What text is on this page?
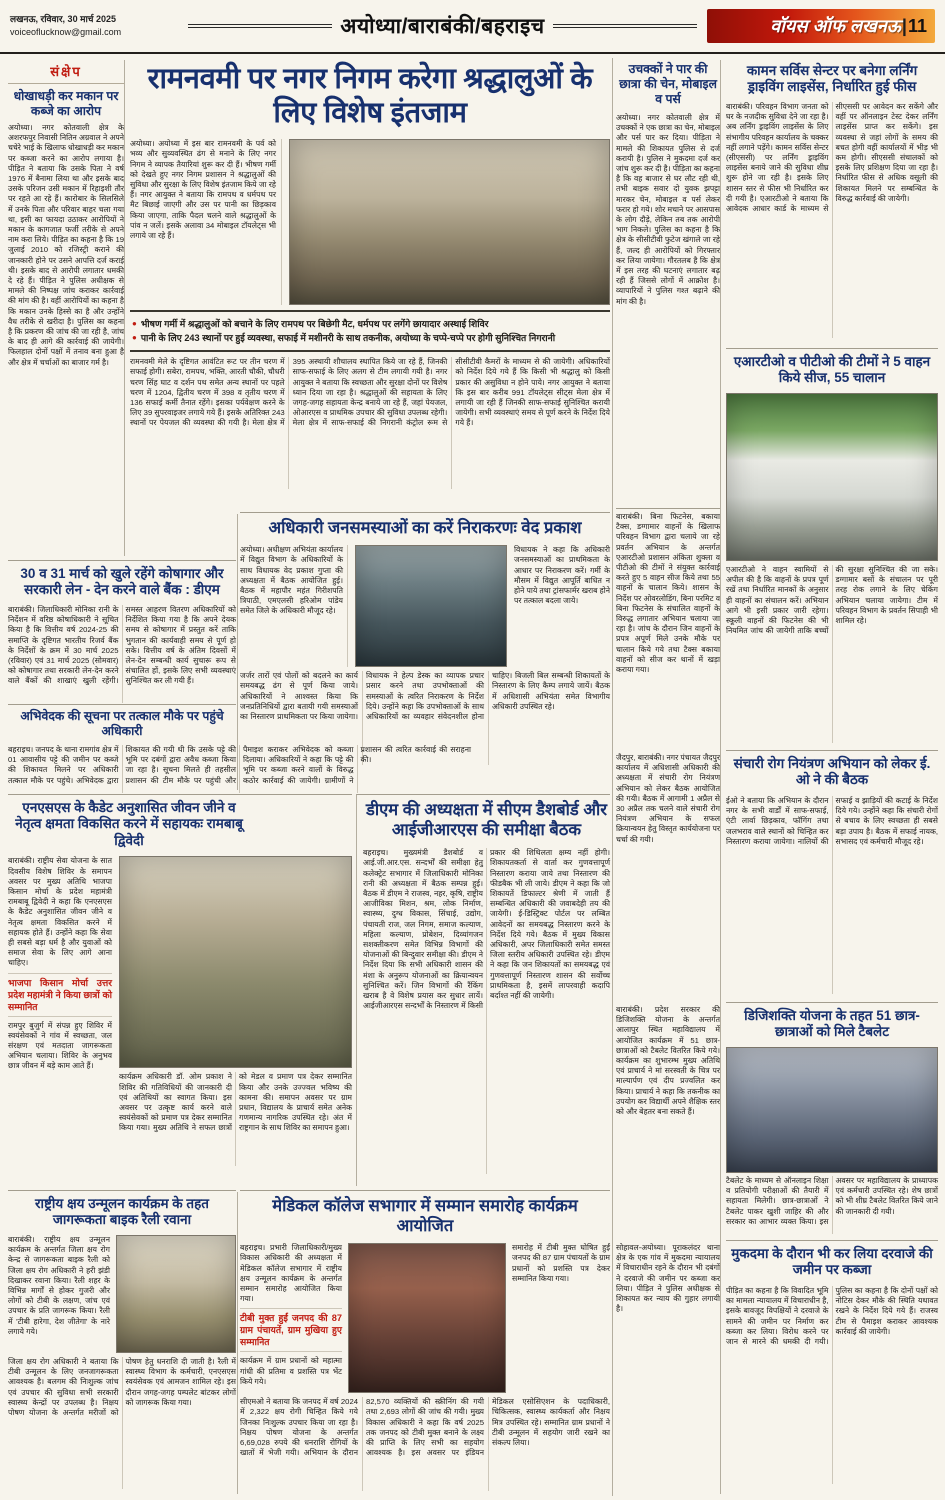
लखनऊ, रविवार, 30 मार्च 2025
voiceoflucknow@gmail.com	अयोध्या/बाराबंकी/बहराइच	वॉयस ऑफ लखनऊ | 11
संक्षेप
धोखाधड़ी कर मकान पर कब्जे का आरोप
अयोध्या। नगर कोतवाली क्षेत्र के अशरफपुर निवासी नितिन अग्रवाल ने अपने चचेरे भाई के खिलाफ धोखाधड़ी कर मकान पर कब्जा करने का आरोप लगाया है। पीड़ित ने बताया कि उसके पिता ने वर्ष 1976 में बैनामा लिया था और इसके बाद उसके परिजन उसी मकान में रिहाइशी तौर पर रहते आ रहे हैं। कारोबार के सिलसिले में उनके पिता और परिवार बाहर चला गया था, इसी का फायदा उठाकर आरोपियों ने मकान के कागजात फर्जी तरीके से अपने नाम करा लिये। पीड़ित का कहना है कि 19 जुलाई 2010 को रजिस्ट्री कराने की जानकारी होने पर उसने आपत्ति दर्ज कराई थी। इसके बाद से आरोपी लगातार धमकी दे रहे हैं। पीड़ित ने पुलिस अधीक्षक से मामले की निष्पक्ष जांच कराकर कार्रवाई की मांग की है। वहीं आरोपियों का कहना है कि मकान उनके हिस्से का है और उन्होंने वैध तरीके से खरीदा है। पुलिस का कहना है कि प्रकरण की जांच की जा रही है, जांच के बाद ही आगे की कार्रवाई की जायेगी। फिलहाल दोनों पक्षों में तनाव बना हुआ है और क्षेत्र में चर्चाओं का बाजार गर्म है।
रामनवमी पर नगर निगम करेगा श्रद्धालुओं के लिए विशेष इंतजाम
अयोध्या। अयोध्या में इस बार रामनवमी के पर्व को भव्य और सुव्यवस्थित ढंग से मनाने के लिए नगर निगम ने व्यापक तैयारियां शुरू कर दी हैं। भीषण गर्मी को देखते हुए नगर निगम प्रशासन ने श्रद्धालुओं की सुविधा और सुरक्षा के लिए विशेष इंतजाम किये जा रहे हैं। नगर आयुक्त ने बताया कि रामपथ व धर्मपथ पर मैट बिछाई जाएगी और उस पर पानी का छिड़काव किया जाएगा, ताकि पैदल चलने वाले श्रद्धालुओं के पांव न जलें। इसके अलावा 34 मोबाइल टॉयलेट्स भी लगाये जा रहे हैं।
● भीषण गर्मी में श्रद्धालुओं को बचाने के लिए रामपथ पर बिछेगी मैट, धर्मपथ पर लगेंगे छायादार अस्थाई शिविर
● पानी के लिए 243 स्थानों पर हुई व्यवस्था, सफाई में मशीनरी के साथ तकनीक, अयोध्या के चप्पे-चप्पे पर होगी सुनिश्चित निगरानी
रामनवमी मेले के दृष्टिगत आवंटित रूट पर तीन चरण में सफाई होगी। सबेरा, रामपथ, भक्ति, आरती चौकी, चौधरी चरण सिंह घाट व दर्शन पथ समेत अन्य स्थानों पर पहले चरण में 1204, द्वितीय चरण में 398 व तृतीय चरण में 136 सफाई कर्मी तैनात रहेंगे। इसका पर्यवेक्षण करने के लिए 39 सुपरवाइजर लगाये गये हैं। इसके अतिरिक्त 243 स्थानों पर पेयजल की व्यवस्था की गयी है। मेला क्षेत्र में 395 अस्थायी शौचालय स्थापित किये जा रहे हैं, जिनकी साफ-सफाई के लिए अलग से टीम लगायी गयी है। नगर आयुक्त ने बताया कि स्वच्छता और सुरक्षा दोनों पर विशेष ध्यान दिया जा रहा है। श्रद्धालुओं की सहायता के लिए जगह-जगह सहायता केन्द्र बनाये जा रहे हैं, जहां पेयजल, ओआरएस व प्राथमिक उपचार की सुविधा उपलब्ध रहेगी। मेला क्षेत्र में साफ-सफाई की निगरानी कंट्रोल रूम से सीसीटीवी कैमरों के माध्यम से की जायेगी। अधिकारियों को निर्देश दिये गये हैं कि किसी भी श्रद्धालु को किसी प्रकार की असुविधा न होने पाये। नगर आयुक्त ने बताया कि इस बार करीब 991 टॉयलेट्स सीट्स मेला क्षेत्र में लगायी जा रही हैं जिनकी साफ-सफाई सुनिश्चित करायी जायेगी। सभी व्यवस्थाएं समय से पूर्ण करने के निर्देश दिये गये हैं।
अधिकारी जनसमस्याओं का करें निराकरणः वेद प्रकाश
अयोध्या। अधीक्षण अभियंता कार्यालय में विद्युत विभाग के अधिकारियों के साथ विधायक वेद प्रकाश गुप्ता की अध्यक्षता में बैठक आयोजित हुई। बैठक में महापौर महंत गिरीशपति त्रिपाठी, एमएलसी हरिओम पांडेय समेत जिले के अधिकारी मौजूद रहे।
विधायक ने कहा कि अधिकारी जनसमस्याओं का प्राथमिकता के आधार पर निराकरण करें। गर्मी के मौसम में विद्युत आपूर्ति बाधित न होने पाये तथा ट्रांसफार्मर खराब होने पर तत्काल बदला जाये।
जर्जर तारों एवं पोलों को बदलने का कार्य समयबद्ध ढंग से पूर्ण किया जाये। अधिकारियों ने आश्वस्त किया कि जनप्रतिनिधियों द्वारा बतायी गयी समस्याओं का निस्तारण प्राथमिकता पर किया जायेगा। विधायक ने हेल्प डेस्क का व्यापक प्रचार प्रसार करने तथा उपभोक्ताओं की समस्याओं के त्वरित निराकरण के निर्देश दिये। उन्होंने कहा कि उपभोक्ताओं के साथ अधिकारियों का व्यवहार संवेदनशील होना चाहिए। बिजली बिल सम्बन्धी शिकायतों के निस्तारण के लिए कैम्प लगाये जायें। बैठक में अधिशासी अभियंता समेत विभागीय अधिकारी उपस्थित रहे।
30 व 31 मार्च को खुले रहेंगे कोषागार और सरकारी लेन - देन करने वाले बैंक : डीएम
बाराबंकी। जिलाधिकारी मोनिका रानी के निर्देशन में वरिष्ठ कोषाधिकारी ने सूचित किया है कि वित्तीय वर्ष 2024-25 की समाप्ति के दृष्टिगत भारतीय रिजर्व बैंक के निर्देशों के क्रम में 30 मार्च 2025 (रविवार) एवं 31 मार्च 2025 (सोमवार) को कोषागार तथा सरकारी लेन-देन करने वाले बैंकों की शाखाएं खुली रहेंगी। समस्त आहरण वितरण अधिकारियों को निर्देशित किया गया है कि अपने देयक समय से कोषागार में प्रस्तुत करें ताकि भुगतान की कार्यवाही समय से पूर्ण हो सके। वित्तीय वर्ष के अंतिम दिवसों में लेन-देन सम्बन्धी कार्य सुचारू रूप से संचालित हों, इसके लिए सभी व्यवस्थाएं सुनिश्चित कर ली गयी हैं।
अभिवेदक की सूचना पर तत्काल मौके पर पहुंचे अधिकारी
बहराइच। जनपद के थाना रामगांव क्षेत्र में 01 आवासीय पट्टे की जमीन पर कब्जे की शिकायत मिलने पर अधिकारी तत्काल मौके पर पहुंचे। अभिवेदक द्वारा शिकायत की गयी थी कि उसके पट्टे की भूमि पर दबंगों द्वारा अवैध कब्जा किया जा रहा है। सूचना मिलते ही तहसील प्रशासन की टीम मौके पर पहुंची और पैमाइश कराकर अभिवेदक को कब्जा दिलाया। अधिकारियों ने कहा कि पट्टे की भूमि पर कब्जा करने वालों के विरुद्ध कठोर कार्रवाई की जायेगी। ग्रामीणों ने प्रशासन की त्वरित कार्रवाई की सराहना की।
एनएसएस के कैडेट अनुशासित जीवन जीने व नेतृत्व क्षमता विकसित करने में सहायकः रामबाबू द्विवेदी
बाराबंकी। राष्ट्रीय सेवा योजना के सात दिवसीय विशेष शिविर के समापन अवसर पर मुख्य अतिथि भाजपा किसान मोर्चा के प्रदेश महामंत्री रामबाबू द्विवेदी ने कहा कि एनएसएस के कैडेट अनुशासित जीवन जीने व नेतृत्व क्षमता विकसित करने में सहायक होते हैं। उन्होंने कहा कि सेवा ही सबसे बड़ा धर्म है और युवाओं को समाज सेवा के लिए आगे आना चाहिए।
भाजपा किसान मोर्चा उत्तर प्रदेश महामंत्री ने किया छात्रों को सम्मानित
रामपुर बुजुर्ग में संपन्न हुए शिविर में स्वयंसेवकों ने गांव में स्वच्छता, जल संरक्षण एवं मतदाता जागरूकता अभियान चलाया। शिविर के अनुभव छात्र जीवन में बड़े काम आते हैं।
कार्यक्रम अधिकारी डॉ. ओम प्रकाश ने शिविर की गतिविधियों की जानकारी दी एवं अतिथियों का स्वागत किया। इस अवसर पर उत्कृष्ट कार्य करने वाले स्वयंसेवकों को प्रमाण पत्र देकर सम्मानित किया गया। मुख्य अतिथि ने सफल छात्रों को मेडल व प्रमाण पत्र देकर सम्मानित किया और उनके उज्ज्वल भविष्य की कामना की। समापन अवसर पर ग्राम प्रधान, विद्यालय के प्राचार्य समेत अनेक गणमान्य नागरिक उपस्थित रहे। अंत में राष्ट्रगान के साथ शिविर का समापन हुआ।
डीएम की अध्यक्षता में सीएम डैशबोर्ड और आईजीआरएस की समीक्षा बैठक
बहराइच। मुख्यमंत्री डैशबोर्ड व आई.जी.आर.एस. सन्दर्भों की समीक्षा हेतु कलेक्ट्रेट सभागार में जिलाधिकारी मोनिका रानी की अध्यक्षता में बैठक सम्पन्न हुई। बैठक में डीएम ने राजस्व, नहर, कृषि, राष्ट्रीय आजीविका मिशन, श्रम, लोक निर्माण, स्वास्थ्य, दुग्ध विकास, सिंचाई, उद्योग, पंचायती राज, जल निगम, समाज कल्याण, महिला कल्याण, प्रोबेशन, दिव्यांगजन सशक्तीकरण समेत विभिन्न विभागों की योजनाओं की बिन्दुवार समीक्षा की। डीएम ने निर्देश दिया कि सभी अधिकारी शासन की मंशा के अनुरूप योजनाओं का क्रियान्वयन सुनिश्चित करें। जिन विभागों की रैंकिंग खराब है वे विशेष प्रयास कर सुधार लायें। आईजीआरएस सन्दर्भों के निस्तारण में किसी प्रकार की शिथिलता क्षम्य नहीं होगी। शिकायतकर्ता से वार्ता कर गुणवत्तापूर्ण निस्तारण कराया जाये तथा निस्तारण की फीडबैक भी ली जाये। डीएम ने कहा कि जो शिकायतें डिफाल्टर श्रेणी में जाती हैं सम्बन्धित अधिकारी की जवाबदेही तय की जायेगी। ई-डिस्ट्रिक्ट पोर्टल पर लम्बित आवेदनों का समयबद्ध निस्तारण करने के निर्देश दिये गये। बैठक में मुख्य विकास अधिकारी, अपर जिलाधिकारी समेत समस्त जिला स्तरीय अधिकारी उपस्थित रहे। डीएम ने कहा कि जन शिकायतों का समयबद्ध एवं गुणवत्तापूर्ण निस्तारण शासन की सर्वोच्च प्राथमिकता है, इसमें लापरवाही कदापि बर्दाश्त नहीं की जायेगी।
राष्ट्रीय क्षय उन्मूलन कार्यक्रम के तहत जागरूकता बाइक रैली रवाना
बाराबंकी। राष्ट्रीय क्षय उन्मूलन कार्यक्रम के अन्तर्गत जिला क्षय रोग केन्द्र से जागरूकता बाइक रैली को जिला क्षय रोग अधिकारी ने हरी झंडी दिखाकर रवाना किया। रैली शहर के विभिन्न मार्गों से होकर गुजरी और लोगों को टीबी के लक्षण, जांच एवं उपचार के प्रति जागरूक किया। रैली में 'टीबी हारेगा, देश जीतेगा' के नारे लगाये गये।
जिला क्षय रोग अधिकारी ने बताया कि टीबी उन्मूलन के लिए जनजागरूकता आवश्यक है। बलगम की निःशुल्क जांच एवं उपचार की सुविधा सभी सरकारी स्वास्थ्य केन्द्रों पर उपलब्ध है। निक्षय पोषण योजना के अन्तर्गत मरीजों को पोषण हेतु धनराशि दी जाती है। रैली में स्वास्थ्य विभाग के कर्मचारी, एनएसएस स्वयंसेवक एवं आमजन शामिल रहे। इस दौरान जगह-जगह पम्पलेट बांटकर लोगों को जागरूक किया गया।
मेडिकल कॉलेज सभागार में सम्मान समारोह कार्यक्रम आयोजित
बहराइच। प्रभारी जिलाधिकारी/मुख्य विकास अधिकारी की अध्यक्षता में मेडिकल कॉलेज सभागार में राष्ट्रीय क्षय उन्मूलन कार्यक्रम के अन्तर्गत सम्मान समारोह आयोजित किया गया।
टीबी मुक्त हुईं जनपद की 87 ग्राम पंचायतें, ग्राम मुखिया हुए सम्मानित
कार्यक्रम में ग्राम प्रधानों को महात्मा गांधी की प्रतिमा व प्रशस्ति पत्र भेंट किये गये।
समारोह में टीबी मुक्त घोषित हुईं जनपद की 87 ग्राम पंचायतों के ग्राम प्रधानों को प्रशस्ति पत्र देकर सम्मानित किया गया।
सीएमओ ने बताया कि जनपद में वर्ष 2024 में 2,322 क्षय रोगी चिन्हित किये गये जिनका निःशुल्क उपचार किया जा रहा है। निक्षय पोषण योजना के अन्तर्गत 6,69,028 रुपये की धनराशि रोगियों के खातों में भेजी गयी। अभियान के दौरान 82,570 व्यक्तियों की स्क्रीनिंग की गयी तथा 2,693 लोगों की जांच की गयी। मुख्य विकास अधिकारी ने कहा कि वर्ष 2025 तक जनपद को टीबी मुक्त बनाने के लक्ष्य की प्राप्ति के लिए सभी का सहयोग आवश्यक है। इस अवसर पर इंडियन मेडिकल एसोसिएशन के पदाधिकारी, चिकित्सक, स्वास्थ्य कार्यकर्ता और निक्षय मित्र उपस्थित रहे। सम्मानित ग्राम प्रधानों ने टीबी उन्मूलन में सहयोग जारी रखने का संकल्प लिया।
उचक्कों ने पार की छात्रा की चेन, मोबाइल व पर्स
अयोध्या। नगर कोतवाली क्षेत्र में उचक्कों ने एक छात्रा का चेन, मोबाइल और पर्स पार कर दिया। पीड़िता ने मामले की शिकायत पुलिस से दर्ज करायी है। पुलिस ने मुकदमा दर्ज कर जांच शुरू कर दी है। पीड़िता का कहना है कि वह बाजार से घर लौट रही थी, तभी बाइक सवार दो युवक झपट्टा मारकर चेन, मोबाइल व पर्स लेकर फरार हो गये। शोर मचाने पर आसपास के लोग दौड़े, लेकिन तब तक आरोपी भाग निकले। पुलिस का कहना है कि क्षेत्र के सीसीटीवी फुटेज खंगाले जा रहे हैं, जल्द ही आरोपियों को गिरफ्तार कर लिया जायेगा। गौरतलब है कि क्षेत्र में इस तरह की घटनाएं लगातार बढ़ रही हैं जिससे लोगों में आक्रोश है। व्यापारियों ने पुलिस गश्त बढ़ाने की मांग की है।
कामन सर्विस सेन्टर पर बनेगा लर्निंग ड्राइविंग लाइसेंस, निर्धारित हुई फीस
बाराबंकी। परिवहन विभाग जनता को घर के नजदीक सुविधा देने जा रहा है। अब लर्निंग ड्राइविंग लाइसेंस के लिए संभागीय परिवहन कार्यालय के चक्कर नहीं लगाने पड़ेंगे। कामन सर्विस सेन्टर (सीएससी) पर लर्निंग ड्राइविंग लाइसेंस बनाये जाने की सुविधा शीघ्र शुरू होने जा रही है। इसके लिए शासन स्तर से फीस भी निर्धारित कर दी गयी है। एआरटीओ ने बताया कि आवेदक आधार कार्ड के माध्यम से सीएससी पर आवेदन कर सकेंगे और वहीं पर ऑनलाइन टेस्ट देकर लर्निंग लाइसेंस प्राप्त कर सकेंगे। इस व्यवस्था से जहां लोगों के समय की बचत होगी वहीं कार्यालयों में भीड़ भी कम होगी। सीएससी संचालकों को इसके लिए प्रशिक्षण दिया जा रहा है। निर्धारित फीस से अधिक वसूली की शिकायत मिलने पर सम्बन्धित के विरुद्ध कार्रवाई की जायेगी।
एआरटीओ व पीटीओ की टीमों ने 5 वाहन किये सीज, 55 चालान
एआरटीओ ने वाहन स्वामियों से अपील की है कि वाहनों के प्रपत्र पूर्ण रखें तथा निर्धारित मानकों के अनुसार ही वाहनों का संचालन करें। अभियान आगे भी इसी प्रकार जारी रहेगा। स्कूली वाहनों की फिटनेस की भी नियमित जांच की जायेगी ताकि बच्चों की सुरक्षा सुनिश्चित की जा सके। डग्गामार बसों के संचालन पर पूरी तरह रोक लगाने के लिए चेकिंग अभियान चलाया जायेगा। टीम में परिवहन विभाग के प्रवर्तन सिपाही भी शामिल रहे।
बाराबंकी। बिना फिटनेस, बकाया टैक्स, डग्गामार वाहनों के खिलाफ परिवहन विभाग द्वारा चलाये जा रहे प्रवर्तन अभियान के अन्तर्गत एआरटीओ प्रशासन अंकिता शुक्ला व पीटीओ की टीमों ने संयुक्त कार्रवाई करते हुए 5 वाहन सीज किये तथा 55 वाहनों के चालान किये। शासन के निर्देश पर ओवरलोडिंग, बिना परमिट व बिना फिटनेस के संचालित वाहनों के विरुद्ध लगातार अभियान चलाया जा रहा है। जांच के दौरान जिन वाहनों के प्रपत्र अपूर्ण मिले उनके मौके पर चालान किये गये तथा टैक्स बकाया वाहनों को सीज कर थानों में खड़ा कराया गया।
संचारी रोग नियंत्रण अभियान को लेकर ई. ओ ने की बैठक
ईओ ने बताया कि अभियान के दौरान नगर के सभी वार्डों में साफ-सफाई, एंटी लार्वा छिड़काव, फॉगिंग तथा जलभराव वाले स्थानों को चिन्हित कर निस्तारण कराया जायेगा। नालियों की सफाई व झाड़ियों की कटाई के निर्देश दिये गये। उन्होंने कहा कि संचारी रोगों से बचाव के लिए स्वच्छता ही सबसे बड़ा उपाय है। बैठक में सफाई नायक, सभासद एवं कर्मचारी मौजूद रहे।
जैदपुर, बाराबंकी। नगर पंचायत जैदपुर कार्यालय में अधिशासी अधिकारी की अध्यक्षता में संचारी रोग नियंत्रण अभियान को लेकर बैठक आयोजित की गयी। बैठक में आगामी 1 अप्रैल से 30 अप्रैल तक चलने वाले संचारी रोग नियंत्रण अभियान के सफल क्रियान्वयन हेतु विस्तृत कार्ययोजना पर चर्चा की गयी।
डिजिशक्ति योजना के तहत 51 छात्र-छात्राओं को मिले टैबलेट
टैबलेट के माध्यम से ऑनलाइन शिक्षा व प्रतियोगी परीक्षाओं की तैयारी में सहायता मिलेगी। छात्र-छात्राओं ने टैबलेट पाकर खुशी जाहिर की और सरकार का आभार व्यक्त किया। इस अवसर पर महाविद्यालय के प्राध्यापक एवं कर्मचारी उपस्थित रहे। शेष छात्रों को भी शीघ्र टैबलेट वितरित किये जाने की जानकारी दी गयी।
बाराबंकी। प्रदेश सरकार की डिजिशक्ति योजना के अन्तर्गत आलापुर स्थित महाविद्यालय में आयोजित कार्यक्रम में 51 छात्र-छात्राओं को टैबलेट वितरित किये गये। कार्यक्रम का शुभारम्भ मुख्य अतिथि एवं प्राचार्य ने मां सरस्वती के चित्र पर माल्यार्पण एवं दीप प्रज्वलित कर किया। प्राचार्य ने कहा कि तकनीक का उपयोग कर विद्यार्थी अपने शैक्षिक स्तर को और बेहतर बना सकते हैं।
मुकदमा के दौरान भी कर लिया दरवाजे की जमीन पर कब्जा
पीड़ित का कहना है कि विवादित भूमि का मामला न्यायालय में विचाराधीन है, इसके बावजूद विपक्षियों ने दरवाजे के सामने की जमीन पर निर्माण कर कब्जा कर लिया। विरोध करने पर जान से मारने की धमकी दी गयी। पुलिस का कहना है कि दोनों पक्षों को नोटिस देकर मौके की स्थिति यथावत रखने के निर्देश दिये गये हैं। राजस्व टीम से पैमाइश कराकर आवश्यक कार्रवाई की जायेगी।
सोहावल-अयोध्या। पूराकलंदर थाना क्षेत्र के एक गांव में मुकदमा न्यायालय में विचाराधीन रहने के दौरान भी दबंगों ने दरवाजे की जमीन पर कब्जा कर लिया। पीड़ित ने पुलिस अधीक्षक से शिकायत कर न्याय की गुहार लगायी है।
